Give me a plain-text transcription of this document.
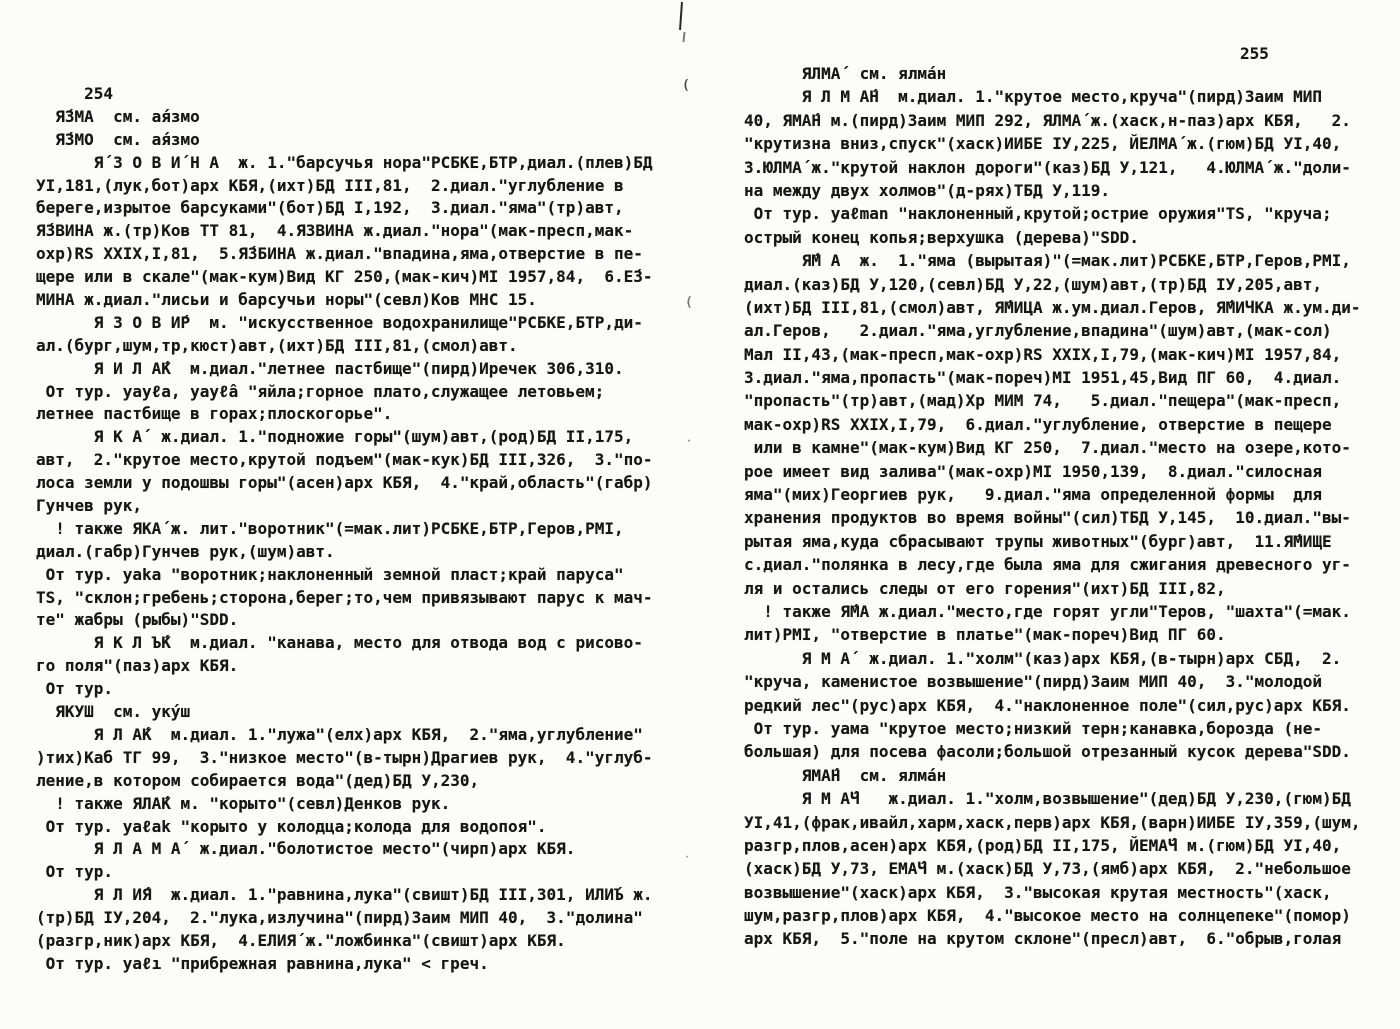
254
Я́ЗМА  см. ая́змо
Я́ЗМО  см. ая́змо
Я́ З О В И́ Н А  ж. 1."барсучья нора"РСБКЕ,БТР,диал.(плев)БД
УI,181,(лук,бот)арх КБЯ,(ихт)БД III,81,  2.диал."углубление в
береге,изрытое барсуками"(бот)БД I,192,  3.диал."яма"(тр)авт,
Я́ЗВИНА ж.(тр)Ков ТТ 81,  4.ЯЗВИНА ж.диал."нора"(мак-пресп,мак-
охр)RS XXIX,I,81,  5.Я́ЗБИНА ж.диал."впадина,яма,отверстие в пе-
щере или в скале"(мак-кум)Вид КГ 250,(мак-кич)МI 1957,84,  6.Е́З-
МИНА ж.диал."лисьи и барсучьи норы"(севл)Ков МНС 15.
Я З О В И́Р  м. "искусственное водохранилище"РСБКЕ,БТР,ди-
ал.(бург,шум,тр,кюст)авт,(ихт)БД III,81,(смол)авт.
Я И Л А́К  м.диал."летнее пастбище"(пирд)Иречек 306,310.
От тур. yayℓa, yayℓâ "яйла;горное плато,служащее летовьем;
летнее пастбище в горах;плоскогорье".
Я К А́  ж.диал. 1."подножие горы"(шум)авт,(род)БД II,175,
авт,  2."крутое место,крутой подъем"(мак-кук)БД III,326,  3."по-
лоса земли у подошвы горы"(асен)арх КБЯ,  4."край,область"(габр)
Гунчев рук,
! также ЯКА́ ж. лит."воротник"(=мак.лит)РСБКЕ,БТР,Геров,РМI,
диал.(габр)Гунчев рук,(шум)авт.
От тур. yaka "воротник;наклоненный земной пласт;край паруса"
TS, "склон;гребень;сторона,берег;то,чем привязывают парус к мач-
те" жабры (рыбы)"SDD.
Я К Л Ъ́К  м.диал. "канава, место для отвода вод с рисово-
го поля"(паз)арх КБЯ.
От тур.
ЯКУШ  см. уку́ш
Я Л А́К  м.диал. 1."лужа"(елх)арх КБЯ,  2."яма,углубление"
)тих)Каб ТГ 99,  3."низкое место"(в-тырн)Драгиев рук,  4."углуб-
ление,в котором собирается вода"(дед)БД У,230,
! также ЯЛА́К м. "корыто"(севл)Денков рук.
От тур. yaℓak "корыто у колодца;колода для водопоя".
Я Л А М А́  ж.диал."болотистое место"(чирп)арх КБЯ.
От тур.
Я Л И́Я  ж.диал. 1."равнина,лука"(свишт)БД III,301, ИЛИ́Ъ ж.
(тр)БД IУ,204,  2."лука,излучина"(пирд)Заим МИП 40,  3."долина"
(разгр,ник)арх КБЯ,  4.ЕЛИЯ́ ж."ложбинка"(свишт)арх КБЯ.
От тур. yaℓı "прибрежная равнина,лука" < греч.
255
ЯЛМА́  см. ялма́н
Я Л М А́Н  м.диал. 1."крутое место,круча"(пирд)Заим МИП
40, ЯМА́Н м.(пирд)Заим МИП 292, ЯЛМА́ ж.(хаск,н-паз)арх КБЯ,   2.
"крутизна вниз,спуск"(хаск)ИИБЕ IУ,225, ЙЕЛМА́ ж.(гюм)БД УI,40,
3.ЮЛМА́ ж."крутой наклон дороги"(каз)БД У,121,   4.ЮЛМА́ ж."доли-
на между двух холмов"(д-рях)ТБД У,119.
От тур. yaℓman "наклоненный,крутой;острие оружия"TS, "круча;
острый конец копья;верхушка (дерева)"SDD.
Я́М А  ж.  1."яма (вырытая)"(=мак.лит)РСБКЕ,БТР,Геров,РМI,
диал.(каз)БД У,120,(севл)БД У,22,(шум)авт,(тр)БД IУ,205,авт,
(ихт)БД III,81,(смол)авт, Я́МИЦА ж.ум.диал.Геров, Я́МИЧКА ж.ум.ди-
ал.Геров,   2.диал."яма,углубление,впадина"(шум)авт,(мак-сол)
Мал II,43,(мак-пресп,мак-охр)RS XXIX,I,79,(мак-кич)МI 1957,84,
3.диал."яма,пропасть"(мак-пореч)МI 1951,45,Вид ПГ 60,  4.диал.
"пропасть"(тр)авт,(мад)Хр МИМ 74,   5.диал."пещера"(мак-пресп,
мак-охр)RS XXIX,I,79,  6.диал."углубление, отверстие в пещере
или в камне"(мак-кум)Вид КГ 250,  7.диал."место на озере,кото-
рое имеет вид залива"(мак-охр)МI 1950,139,  8.диал."силосная
яма"(мих)Георгиев рук,   9.диал."яма определенной формы  для
хранения продуктов во время войны"(сил)ТБД У,145,  10.диал."вы-
рытая яма,куда сбрасывают трупы животных"(бург)авт,  11.Я́МИЩЕ
с.диал."полянка в лесу,где была яма для сжигания древесного уг-
ля и остались следы от его горения"(ихт)БД III,82,
! также Я́МА ж.диал."место,где горят угли"Теров, "шахта"(=мак.
лит)РМI, "отверстие в платье"(мак-пореч)Вид ПГ 60.
Я М А́  ж.диал. 1."холм"(каз)арх КБЯ,(в-тырн)арх СБД,  2.
"круча, каменистое возвышение"(пирд)Заим МИП 40,  3."молодой
редкий лес"(рус)арх КБЯ,  4."наклоненное поле"(сил,рус)арх КБЯ.
От тур. уама "крутое место;низкий терн;канавка,борозда (не-
большая) для посева фасоли;большой отрезанный кусок дерева"SDD.
ЯМА́Н  см. ялма́н
Я М А́Ч   ж.диал. 1."холм,возвышение"(дед)БД У,230,(гюм)БД
УI,41,(фрак,ивайл,харм,хаск,перв)арх КБЯ,(варн)ИИБЕ IУ,359,(шум,
разгр,плов,асен)арх КБЯ,(род)БД II,175, ЙЕМА́Ч м.(гюм)БД УI,40,
(хаск)БД У,73, ЕМА́Ч м.(хаск)БД У,73,(ямб)арх КБЯ,  2."небольшое
возвышение"(хаск)арх КБЯ,  3."высокая крутая местность"(хаск,
шум,разгр,плов)арх КБЯ,  4."высокое место на солнцепеке"(помор)
арх КБЯ,  5."поле на крутом склоне"(пресл)авт,  6."обрыв,голая
(
(
·
·
